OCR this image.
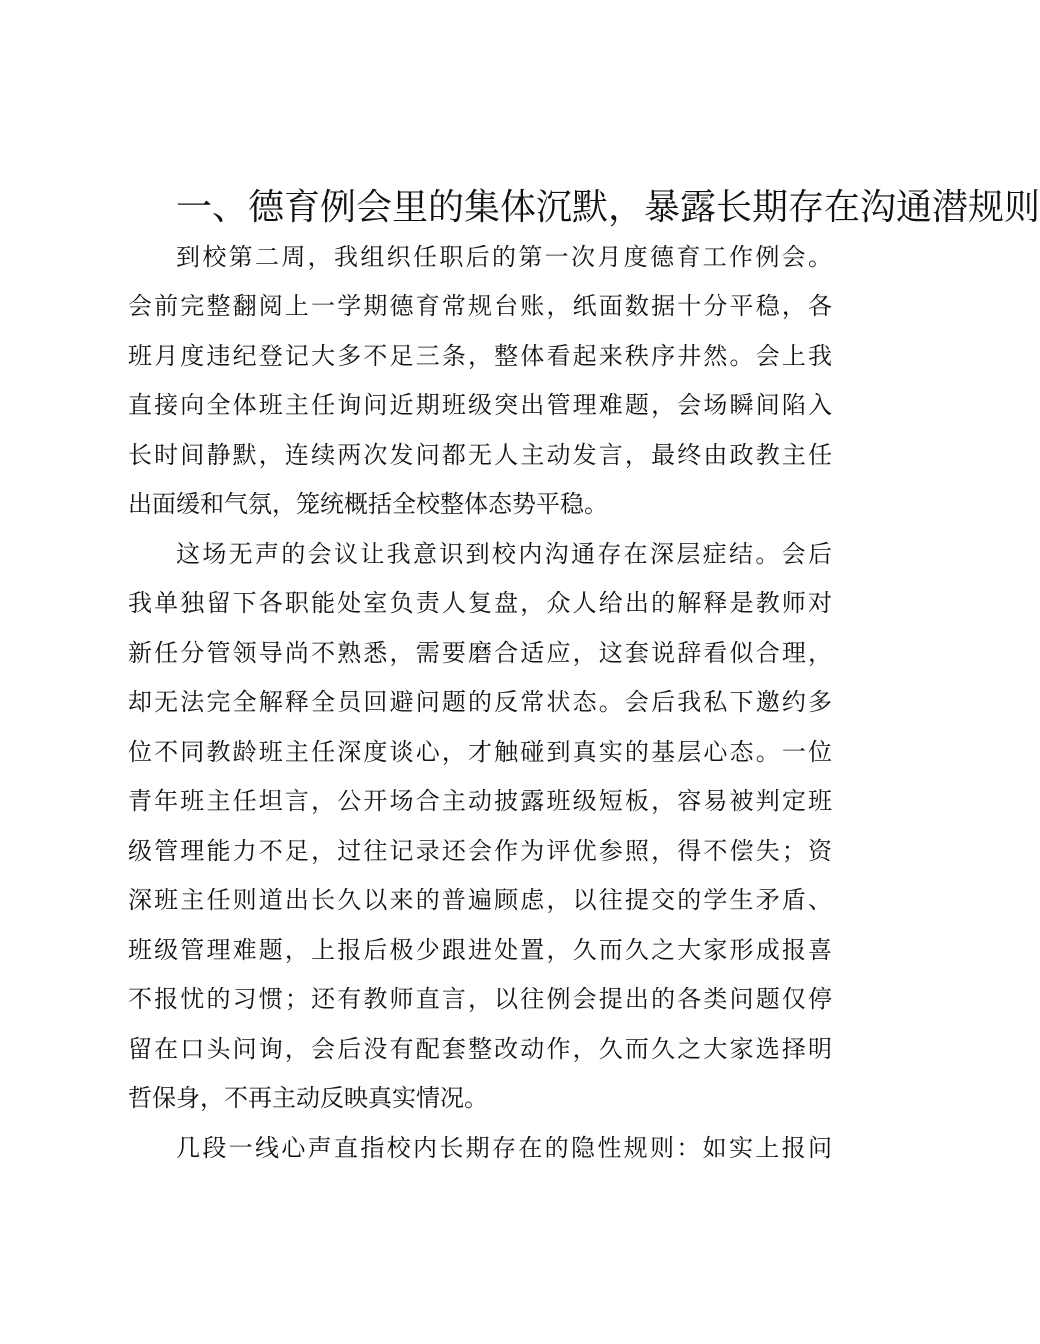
一、德育例会里的集体沉默，暴露长期存在沟通潜规则
到校第二周，我组织任职后的第一次月度德育工作例会。
会前完整翻阅上一学期德育常规台账，纸面数据十分平稳，各
班月度违纪登记大多不足三条，整体看起来秩序井然。会上我
直接向全体班主任询问近期班级突出管理难题，会场瞬间陷入
长时间静默，连续两次发问都无人主动发言，最终由政教主任
出面缓和气氛，笼统概括全校整体态势平稳。
这场无声的会议让我意识到校内沟通存在深层症结。会后
我单独留下各职能处室负责人复盘，众人给出的解释是教师对
新任分管领导尚不熟悉，需要磨合适应，这套说辞看似合理，
却无法完全解释全员回避问题的反常状态。会后我私下邀约多
位不同教龄班主任深度谈心，才触碰到真实的基层心态。一位
青年班主任坦言，公开场合主动披露班级短板，容易被判定班
级管理能力不足，过往记录还会作为评优参照，得不偿失；资
深班主任则道出长久以来的普遍顾虑，以往提交的学生矛盾、
班级管理难题，上报后极少跟进处置，久而久之大家形成报喜
不报忧的习惯；还有教师直言，以往例会提出的各类问题仅停
留在口头问询，会后没有配套整改动作，久而久之大家选择明
哲保身，不再主动反映真实情况。
几段一线心声直指校内长期存在的隐性规则：如实上报问
